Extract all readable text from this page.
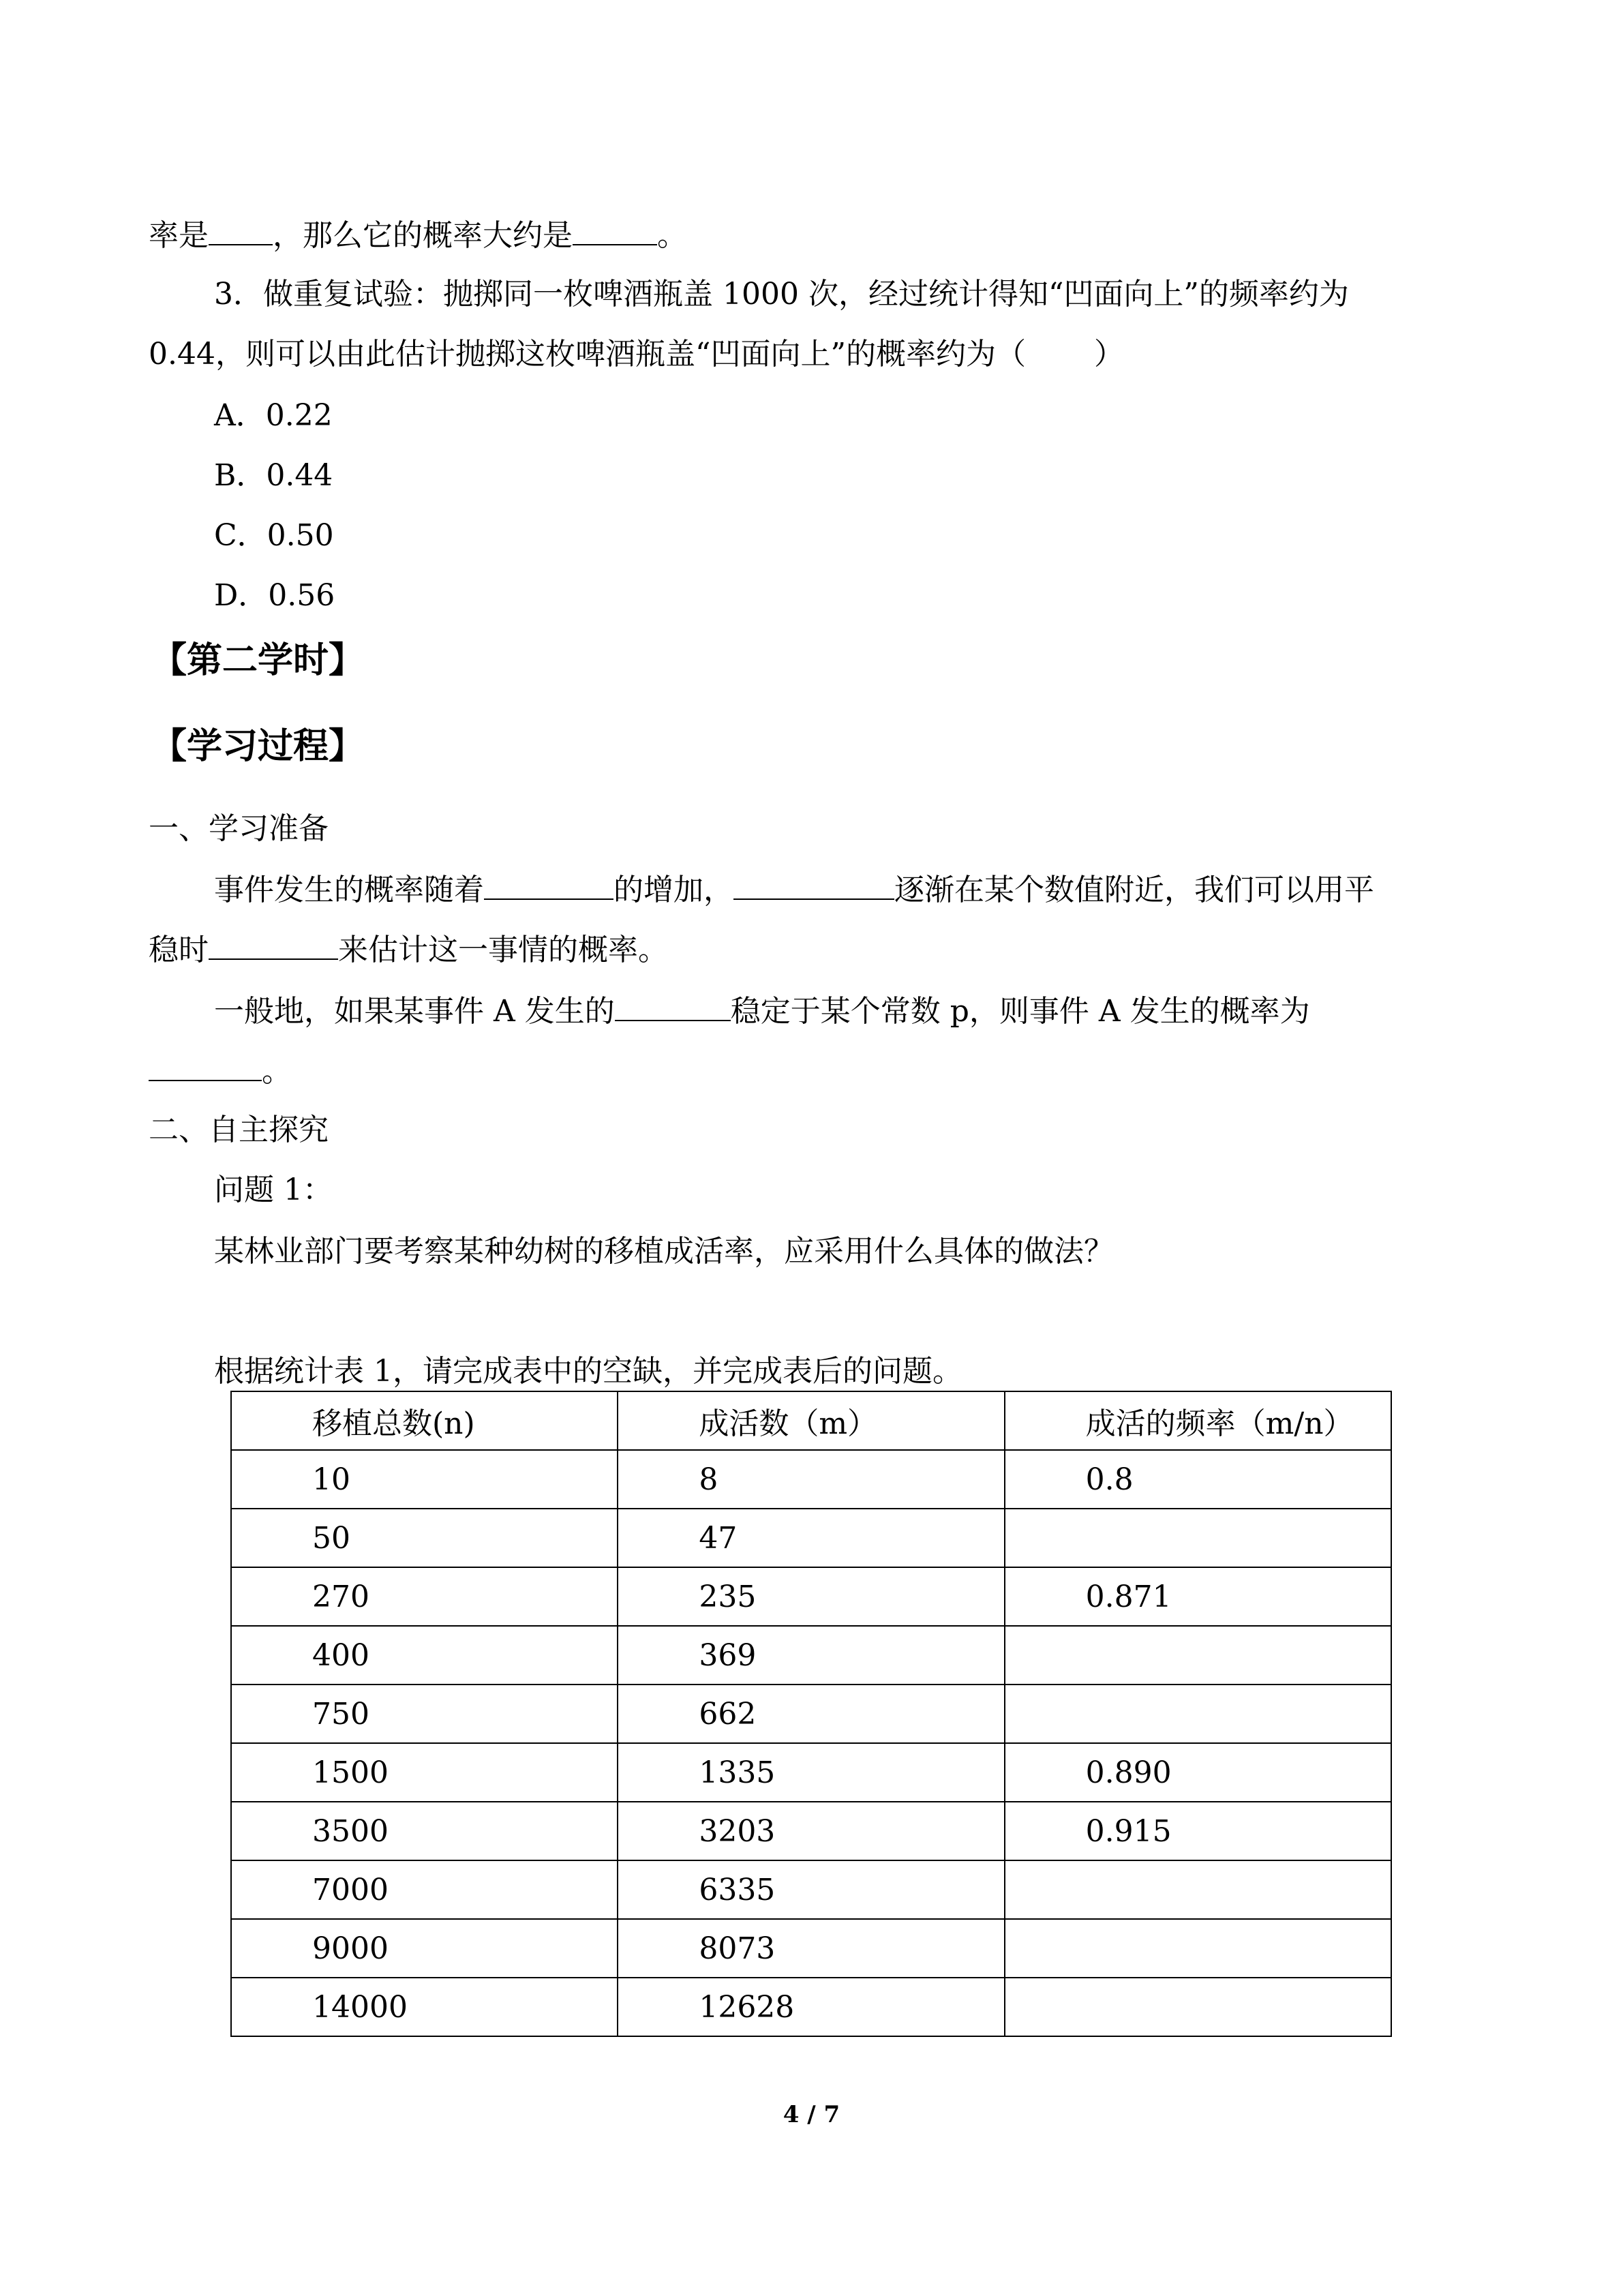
率是 ，那么它的概率大约是	。
3．做重复试验：抛掷同一枚啤酒瓶盖 1000 次，经过统计得知“凹面向上”的频率约为
0.44，则可以由此估计抛掷这枚啤酒瓶盖“凹面向上”的概率约为（ ）
A．0.22
B．0.44
C．0.50
D．0.56
【第二学时】
【学习过程】
一、学习准备
事件发生的概率随着	的增加，	逐渐在某个数值附近，我们可以用平
稳时	来估计这一事情的概率。
一般地，如果某事件 A 发生的	稳定于某个常数 p，则事件 A 发生的概率为
。
二、自主探究
问题 1：
某林业部门要考察某种幼树的移植成活率，应采用什么具体的做法？
根据统计表 1，请完成表中的空缺，并完成表后的问题。
移植总数(n)	成活数（m）	成活的频率（m/n）
10	8	0.8
50	47	
270	235	0.871
400	369	
750	662	
1500	1335	0.890
3500	3203	0.915
7000	6335	
9000	8073	
14000	12628	
4 / 7
